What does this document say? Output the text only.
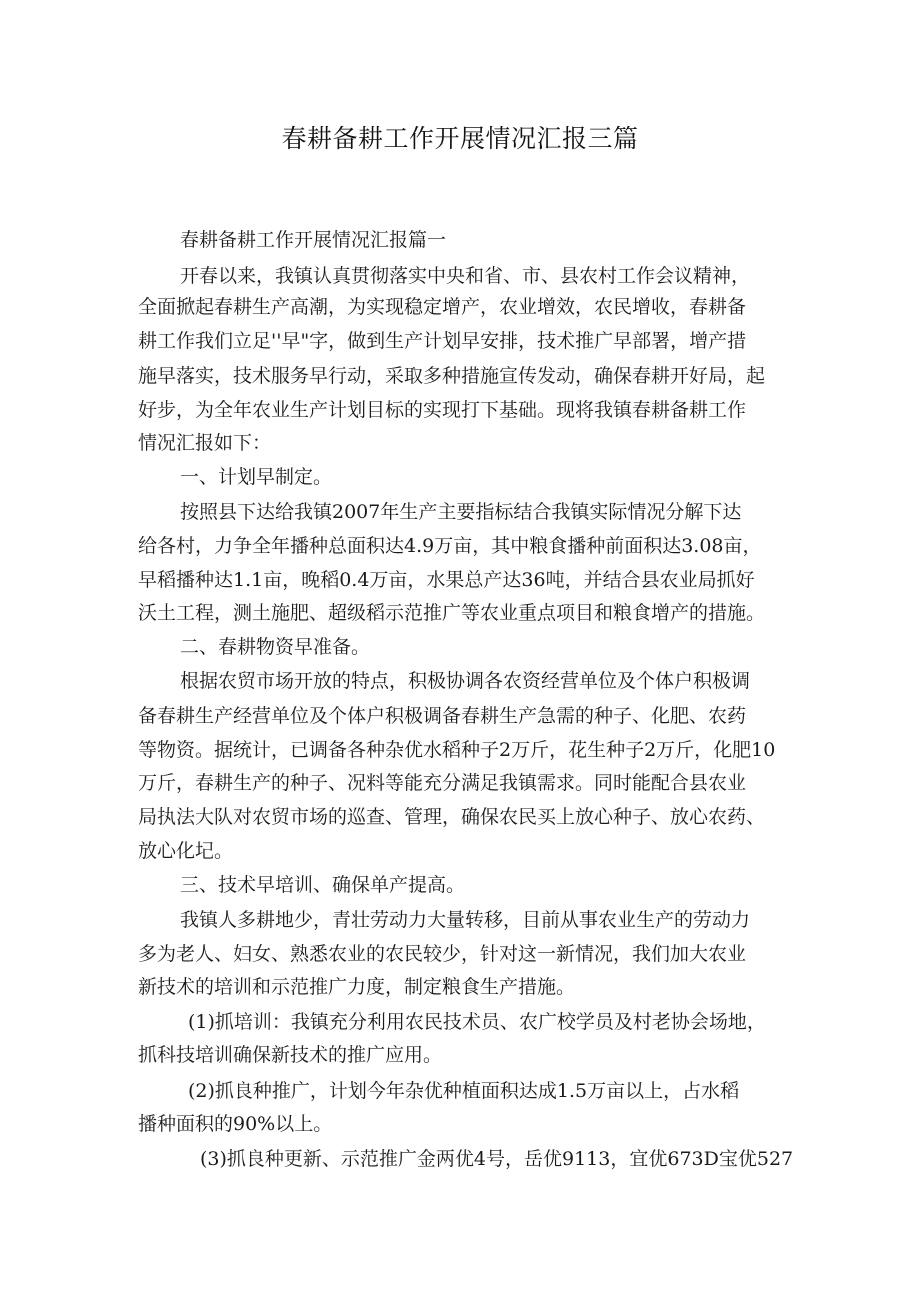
春耕备耕工作开展情况汇报三篇
春耕备耕工作开展情况汇报篇一
开春以来，我镇认真贯彻落实中央和省、市、县农村工作会议精神，
全面掀起春耕生产高潮，为实现稳定增产，农业增效，农民增收，春耕备
耕工作我们立足''早"字，做到生产计划早安排，技术推广早部署，增产措
施早落实，技术服务早行动，采取多种措施宣传发动，确保春耕开好局，起
好步，为全年农业生产计划目标的实现打下基础。现将我镇春耕备耕工作
情况汇报如下：
一、计划早制定。
按照县下达给我镇2007年生产主要指标结合我镇实际情况分解下达
给各村，力争全年播种总面积达4.9万亩，其中粮食播种前面积达3.08亩，
早稻播种达1.1亩，晚稻0.4万亩，水果总产达36吨，并结合县农业局抓好
沃土工程，测土施肥、超级稻示范推广等农业重点项目和粮食增产的措施。
二、春耕物资早准备。
根据农贸市场开放的特点，积极协调各农资经营单位及个体户积极调
备春耕生产经营单位及个体户积极调备春耕生产急需的种子、化肥、农药
等物资。据统计，已调备各种杂优水稻种子2万斤，花生种子2万斤，化肥10
万斤，春耕生产的种子、况料等能充分满足我镇需求。同时能配合县农业
局执法大队对农贸市场的巡查、管理，确保农民买上放心种子、放心农药、
放心化圮。
三、技术早培训、确保单产提高。
我镇人多耕地少，青壮劳动力大量转移，目前从事农业生产的劳动力
多为老人、妇女、熟悉农业的农民较少，针对这一新情况，我们加大农业
新技术的培训和示范推广力度，制定粮食生产措施。
(1)抓培训：我镇充分利用农民技术员、农广校学员及村老协会场地，
抓科技培训确保新技术的推广应用。
(2)抓良种推广，计划今年杂优种植面积达成1.5万亩以上，占水稻
播种面积的90%以上。
(3)抓良种更新、示范推广金两优4号，岳优9113，宜优673D宝优527
